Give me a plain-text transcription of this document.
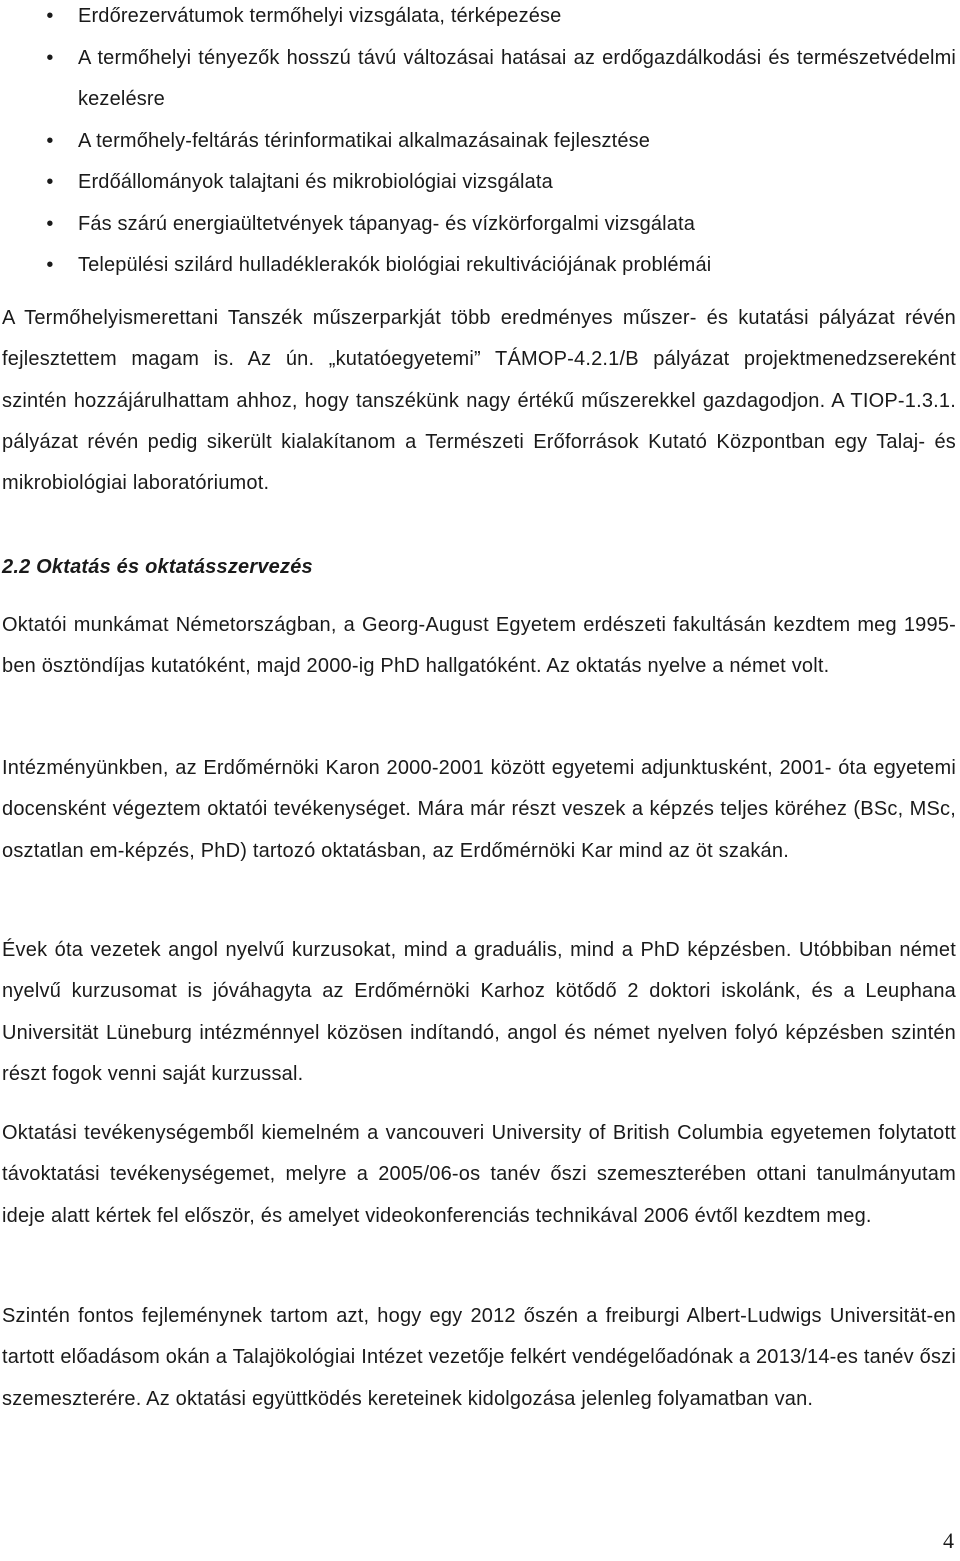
•	Erdőrezervátumok termőhelyi vizsgálata, térképezése
•	A termőhelyi tényezők hosszú távú változásai hatásai az erdőgazdálkodási és természetvédelmi kezelésre
•	A termőhely-feltárás térinformatikai alkalmazásainak fejlesztése
•	Erdőállományok talajtani és mikrobiológiai vizsgálata
•	Fás szárú energiaültetvények tápanyag- és vízkörforgalmi vizsgálata
•	Települési szilárd hulladéklerakók biológiai rekultivációjának problémái

A Termőhelyismerettani Tanszék műszerparkját több eredményes műszer- és kutatási pályázat révén fejlesztettem magam is. Az ún. „kutatóegyetemi” TÁMOP-4.2.1/B pályázat projektmenedzsereként szintén hozzájárulhattam ahhoz, hogy tanszékünk nagy értékű műszerekkel gazdagodjon. A TIOP-1.3.1. pályázat révén pedig sikerült kialakítanom a Természeti Erőforrások Kutató Központban egy Talaj- és mikrobiológiai laboratóriumot.

2.2 Oktatás és oktatásszervezés

Oktatói munkámat Németországban, a Georg-August Egyetem erdészeti fakultásán kezdtem meg 1995-ben ösztöndíjas kutatóként, majd 2000-ig PhD hallgatóként. Az oktatás nyelve a német volt.

Intézményünkben, az Erdőmérnöki Karon 2000-2001 között egyetemi adjunktusként, 2001- óta egyetemi docensként végeztem oktatói tevékenységet. Mára már részt veszek a képzés teljes köréhez (BSc, MSc, osztatlan em-képzés, PhD) tartozó oktatásban, az Erdőmérnöki Kar mind az öt szakán.

Évek óta vezetek angol nyelvű kurzusokat, mind a graduális, mind a PhD képzésben. Utóbbiban német nyelvű kurzusomat is jóváhagyta az Erdőmérnöki Karhoz kötődő 2 doktori iskolánk, és a Leuphana Universität Lüneburg intézménnyel közösen indítandó, angol és német nyelven folyó képzésben szintén részt fogok venni saját kurzussal.

Oktatási tevékenységemből kiemelném a vancouveri University of British Columbia egyetemen folytatott távoktatási tevékenységemet, melyre a 2005/06-os tanév őszi szemeszterében ottani tanulmányutam ideje alatt kértek fel először, és amelyet videokonferenciás technikával 2006 évtől kezdtem meg.

Szintén fontos fejleménynek tartom azt, hogy egy 2012 őszén a freiburgi Albert-Ludwigs Universität-en tartott előadásom okán a Talajökológiai Intézet vezetője felkért vendégelőadónak a 2013/14-es tanév őszi szemeszterére. Az oktatási együttködés kereteinek kidolgozása jelenleg folyamatban van.

4
